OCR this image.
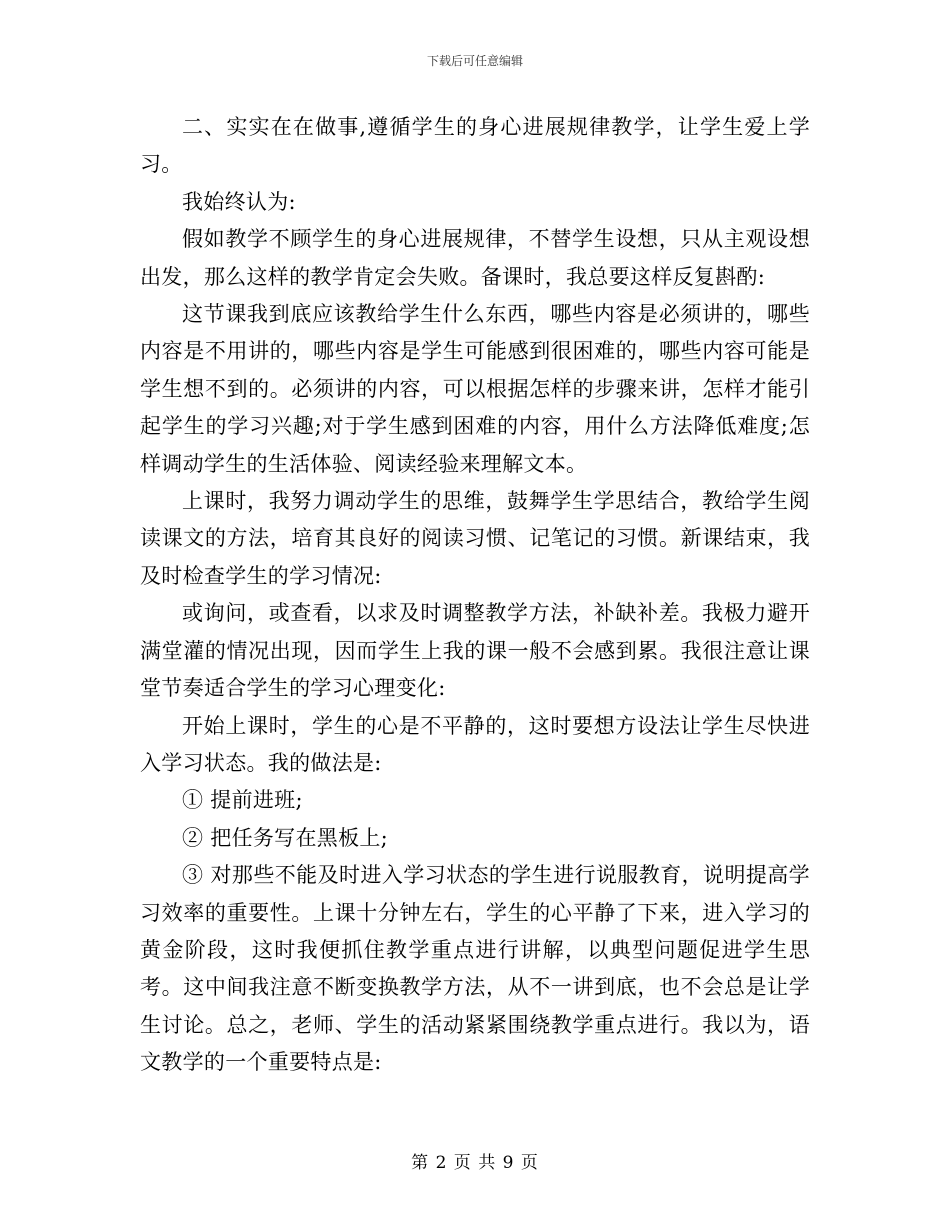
下载后可任意编辑

二、实实在在做事,遵循学生的身心进展规律教学，让学生爱上学习。

我始终认为:

假如教学不顾学生的身心进展规律，不替学生设想，只从主观设想出发，那么这样的教学肯定会失败。备课时，我总要这样反复斟酌:

这节课我到底应该教给学生什么东西，哪些内容是必须讲的，哪些内容是不用讲的，哪些内容是学生可能感到很困难的，哪些内容可能是学生想不到的。必须讲的内容，可以根据怎样的步骤来讲，怎样才能引起学生的学习兴趣;对于学生感到困难的内容，用什么方法降低难度;怎样调动学生的生活体验、阅读经验来理解文本。

上课时，我努力调动学生的思维，鼓舞学生学思结合，教给学生阅读课文的方法，培育其良好的阅读习惯、记笔记的习惯。新课结束，我及时检查学生的学习情况:

或询问，或查看，以求及时调整教学方法，补缺补差。我极力避开满堂灌的情况出现，因而学生上我的课一般不会感到累。我很注意让课堂节奏适合学生的学习心理变化:

开始上课时，学生的心是不平静的，这时要想方设法让学生尽快进入学习状态。我的做法是:

① 提前进班;

② 把任务写在黑板上;

③ 对那些不能及时进入学习状态的学生进行说服教育，说明提高学习效率的重要性。上课十分钟左右，学生的心平静了下来，进入学习的黄金阶段，这时我便抓住教学重点进行讲解，以典型问题促进学生思考。这中间我注意不断变换教学方法，从不一讲到底，也不会总是让学生讨论。总之，老师、学生的活动紧紧围绕教学重点进行。我以为，语文教学的一个重要特点是:

第 2 页 共 9 页
